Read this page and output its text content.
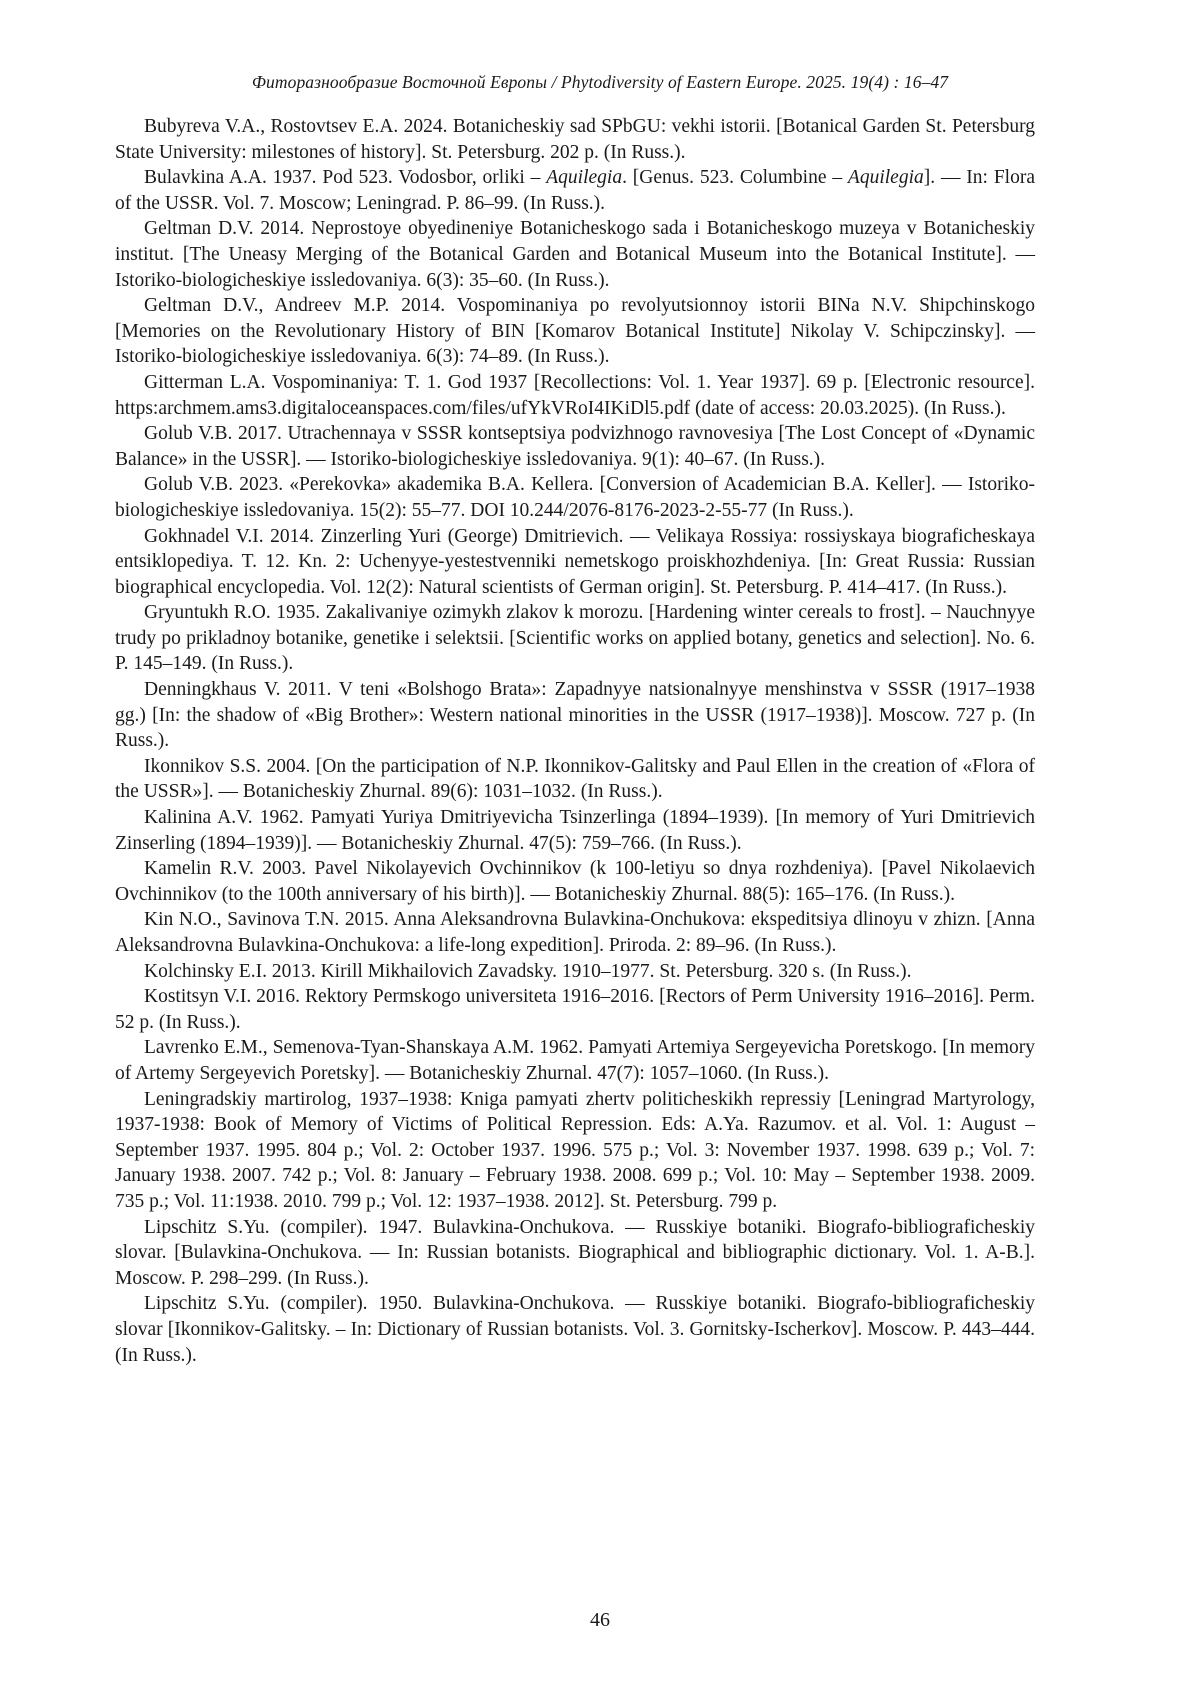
Фиторазнообразие Восточной Европы / Phytodiversity of Eastern Europe. 2025. 19(4) : 16–47

Bubyreva V.A., Rostovtsev E.A. 2024. Botanicheskiy sad SPbGU: vekhi istorii. [Botanical Garden St. Petersburg State University: milestones of history]. St. Petersburg. 202 p. (In Russ.).

Bulavkina A.A. 1937. Pod 523. Vodosbor, orliki – Aquilegia. [Genus. 523. Columbine – Aquilegia]. — In: Flora of the USSR. Vol. 7. Moscow; Leningrad. P. 86–99. (In Russ.).

Geltman D.V. 2014. Neprostoye obyedineniye Botanicheskogo sada i Botanicheskogo muzeya v Botanicheskiy institut. [The Uneasy Merging of the Botanical Garden and Botanical Museum into the Botanical Institute]. — Istoriko-biologicheskiye issledovaniya. 6(3): 35–60. (In Russ.).

Geltman D.V., Andreev M.P. 2014. Vospominaniya po revolyutsionnoy istorii BINa N.V. Shipchinskogo [Memories on the Revolutionary History of BIN [Komarov Botanical Institute] Nikolay V. Schipczinsky]. — Istoriko-biologicheskiye issledovaniya. 6(3): 74–89. (In Russ.).

Gitterman L.A. Vospominaniya: T. 1. God 1937 [Recollections: Vol. 1. Year 1937]. 69 p. [Electronic resource]. https:archmem.ams3.digitaloceanspaces.com/files/ufYkVRoI4IKiDl5.pdf (date of access: 20.03.2025). (In Russ.).

Golub V.B. 2017. Utrachennaya v SSSR kontseptsiya podvizhnogo ravnovesiya [The Lost Concept of «Dynamic Balance» in the USSR]. — Istoriko-biologicheskiye issledovaniya. 9(1): 40–67. (In Russ.).

Golub V.B. 2023. «Perekovka» akademika B.A. Kellera. [Conversion of Academician B.A. Keller]. — Istoriko-biologicheskiye issledovaniya. 15(2): 55–77. DOI 10.244/2076-8176-2023-2-55-77 (In Russ.).

Gokhnadel V.I. 2014. Zinzerling Yuri (George) Dmitrievich. — Velikaya Rossiya: rossiyskaya biograficheskaya entsiklopediya. T. 12. Kn. 2: Uchenyye-yestestvenniki nemetskogo proiskhozhdeniya. [In: Great Russia: Russian biographical encyclopedia. Vol. 12(2): Natural scientists of German origin]. St. Petersburg. P. 414–417. (In Russ.).

Gryuntukh R.O. 1935. Zakalivaniye ozimykh zlakov k morozu. [Hardening winter cereals to frost]. – Nauchnyye trudy po prikladnoy botanike, genetike i selektsii. [Scientific works on applied botany, genetics and selection]. No. 6. P. 145–149. (In Russ.).

Denningkhaus V. 2011. V teni «Bolshogo Brata»: Zapadnyye natsionalnyye menshinstva v SSSR (1917–1938 gg.) [In: the shadow of «Big Brother»: Western national minorities in the USSR (1917–1938)]. Moscow. 727 p. (In Russ.).

Ikonnikov S.S. 2004. [On the participation of N.P. Ikonnikov-Galitsky and Paul Ellen in the creation of «Flora of the USSR»]. — Botanicheskiy Zhurnal. 89(6): 1031–1032. (In Russ.).

Kalinina A.V. 1962. Pamyati Yuriya Dmitriyevicha Tsinzerlinga (1894–1939). [In memory of Yuri Dmitrievich Zinserling (1894–1939)]. — Botanicheskiy Zhurnal. 47(5): 759–766. (In Russ.).

Kamelin R.V. 2003. Pavel Nikolayevich Ovchinnikov (k 100-letiyu so dnya rozhdeniya). [Pavel Nikolaevich Ovchinnikov (to the 100th anniversary of his birth)]. — Botanicheskiy Zhurnal. 88(5): 165–176. (In Russ.).

Kin N.O., Savinova T.N. 2015. Anna Aleksandrovna Bulavkina-Onchukova: ekspeditsiya dlinoyu v zhizn. [Anna Aleksandrovna Bulavkina-Onchukova: a life-long expedition]. Priroda. 2: 89–96. (In Russ.).

Kolchinsky E.I. 2013. Kirill Mikhailovich Zavadsky. 1910–1977. St. Petersburg. 320 s. (In Russ.).

Kostitsyn V.I. 2016. Rektory Permskogo universiteta 1916–2016. [Rectors of Perm University 1916–2016]. Perm. 52 p. (In Russ.).

Lavrenko E.M., Semenova-Tyan-Shanskaya A.M. 1962. Pamyati Artemiya Sergeyevicha Poretskogo. [In memory of Artemy Sergeyevich Poretsky]. — Botanicheskiy Zhurnal. 47(7): 1057–1060. (In Russ.).

Leningradskiy martirolog, 1937–1938: Kniga pamyati zhertv politicheskikh repressiy [Leningrad Martyrology, 1937-1938: Book of Memory of Victims of Political Repression. Eds: A.Ya. Razumov. et al. Vol. 1: August – September 1937. 1995. 804 p.; Vol. 2: October 1937. 1996. 575 p.; Vol. 3: November 1937. 1998. 639 p.; Vol. 7: January 1938. 2007. 742 p.; Vol. 8: January – February 1938. 2008. 699 p.; Vol. 10: May – September 1938. 2009. 735 p.; Vol. 11:1938. 2010. 799 p.; Vol. 12: 1937–1938. 2012]. St. Petersburg. 799 p.

Lipschitz S.Yu. (compiler). 1947. Bulavkina-Onchukova. — Russkiye botaniki. Biografo-bibliograficheskiy slovar. [Bulavkina-Onchukova. — In: Russian botanists. Biographical and bibliographic dictionary. Vol. 1. A-B.]. Moscow. P. 298–299. (In Russ.).

Lipschitz S.Yu. (compiler). 1950. Bulavkina-Onchukova. — Russkiye botaniki. Biografo-bibliograficheskiy slovar [Ikonnikov-Galitsky. – In: Dictionary of Russian botanists. Vol. 3. Gornitsky-Ischerkov]. Moscow. P. 443–444. (In Russ.).

46
